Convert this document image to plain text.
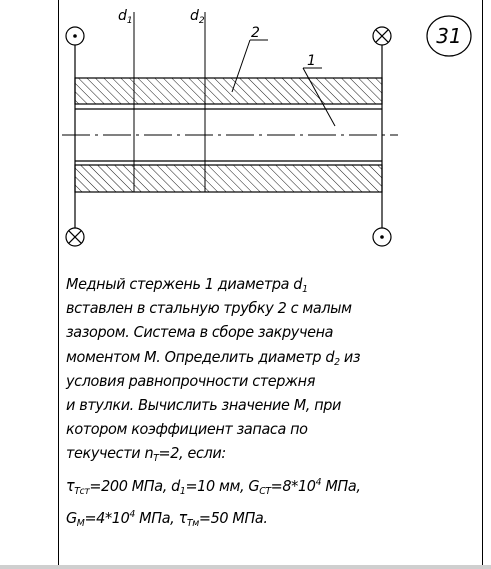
$d_1$	$d_2$
2
1
31
Медный стержень 1 диаметра $d_1$
вставлен в стальную трубку 2 с малым
зазором. Система в сборе закручена
моментом М. Определить диаметр $d_2$ из
условия равнопрочности стержня
и втулки. Вычислить значение М, при
котором коэффициент запаса по
текучести $n_T=2$, если:
$\tau_{Tст}=200$ МПа, $d_1=10$ мм, $G_{CT}=8*10^4$ МПа,
$G_M=4*10^4$ МПа, $\tau_{Tм}=50$ МПа.
